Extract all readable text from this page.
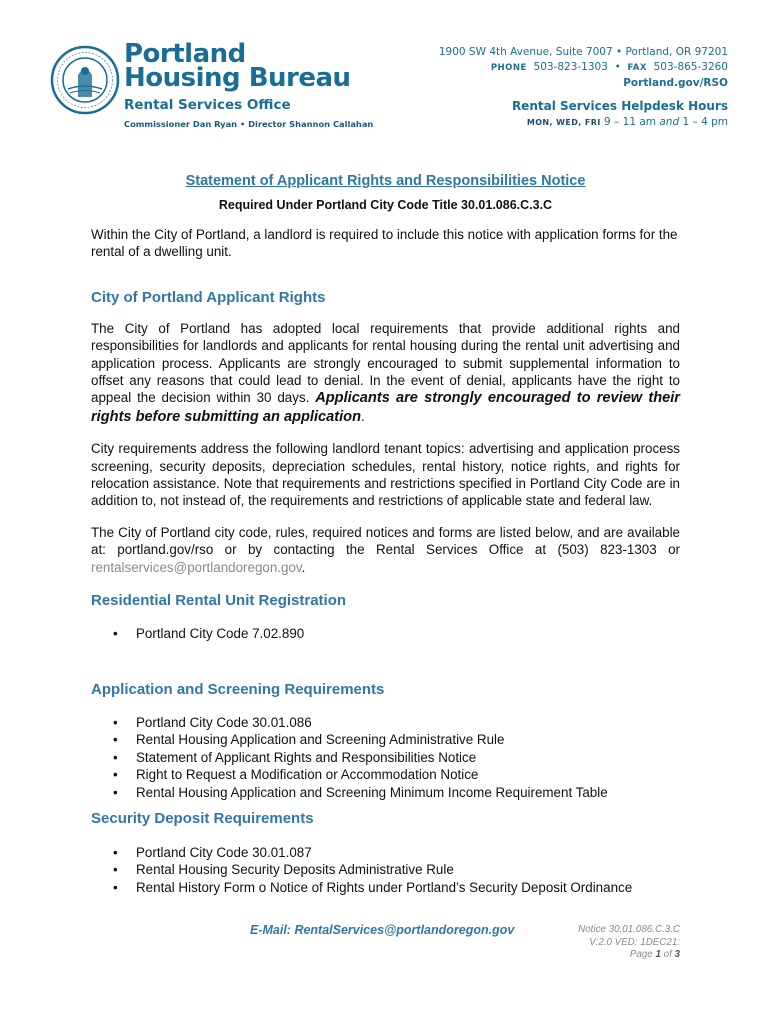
Portland
Housing Bureau
Rental Services Office
Commissioner Dan Ryan • Director Shannon Callahan
1900 SW 4th Avenue, Suite 7007 • Portland, OR 97201
PHONE 503-823-1303  •  FAX 503-865-3260
Portland.gov/RSO
Rental Services Helpdesk Hours
MON, WED, FRI 9 – 11 am and 1 – 4 pm
Statement of Applicant Rights and Responsibilities Notice
Required Under Portland City Code Title 30.01.086.C.3.C

Within the City of Portland, a landlord is required to include this notice with application forms for the rental of a dwelling unit.

City of Portland Applicant Rights

The City of Portland has adopted local requirements that provide additional rights and responsibilities for landlords and applicants for rental housing during the rental unit advertising and application process. Applicants are strongly encouraged to submit supplemental information to offset any reasons that could lead to denial. In the event of denial, applicants have the right to appeal the decision within 30 days. Applicants are strongly encouraged to review their rights before submitting an application.

City requirements address the following landlord tenant topics: advertising and application process screening, security deposits, depreciation schedules, rental history, notice rights, and rights for relocation assistance. Note that requirements and restrictions specified in Portland City Code are in addition to, not instead of, the requirements and restrictions of applicable state and federal law.

The City of Portland city code, rules, required notices and forms are listed below, and are available at: portland.gov/rso or by contacting the Rental Services Office at (503) 823-1303 or rentalservices@portlandoregon.gov.

Residential Rental Unit Registration
• Portland City Code 7.02.890
Application and Screening Requirements
• Portland City Code 30.01.086
• Rental Housing Application and Screening Administrative Rule
• Statement of Applicant Rights and Responsibilities Notice
• Right to Request a Modification or Accommodation Notice
• Rental Housing Application and Screening Minimum Income Requirement Table
Security Deposit Requirements
• Portland City Code 30.01.087
• Rental Housing Security Deposits Administrative Rule
• Rental History Form o Notice of Rights under Portland’s Security Deposit Ordinance
E-Mail: RentalServices@portlandoregon.gov	Notice 30.01.086.C.3.C
V:2.0 VED: 1DEC21:
Page 1 of 3
